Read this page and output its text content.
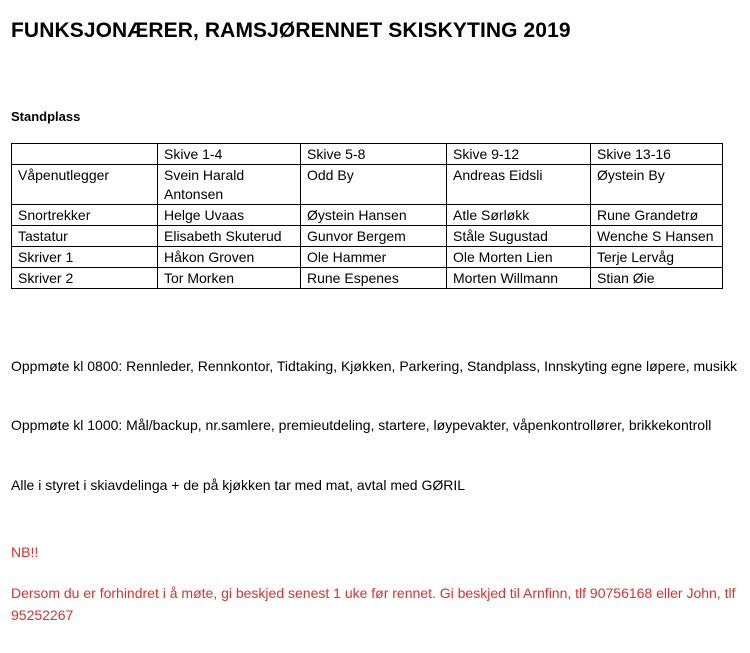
FUNKSJONÆRER, RAMSJØRENNET SKISKYTING 2019
Standplass
	Skive 1-4	Skive 5-8	Skive 9-12	Skive 13-16
Våpenutlegger	Svein Harald Antonsen	Odd By	Andreas Eidsli	Øystein By
Snortrekker	Helge Uvaas	Øystein Hansen	Atle Sørløkk	Rune Grandetrø
Tastatur	Elisabeth Skuterud	Gunvor Bergem	Ståle Sugustad	Wenche S Hansen
Skriver 1	Håkon Groven	Ole Hammer	Ole Morten Lien	Terje Lervåg
Skriver 2	Tor Morken	Rune Espenes	Morten Willmann	Stian Øie

Oppmøte kl 0800: Rennleder, Rennkontor, Tidtaking, Kjøkken, Parkering, Standplass, Innskyting egne løpere, musikk

Oppmøte kl 1000: Mål/backup, nr.samlere, premieutdeling, startere, løypevakter, våpenkontrollører, brikkekontroll

Alle i styret i skiavdelinga + de på kjøkken tar med mat, avtal med GØRIL

NB!!

Dersom du er forhindret i å møte, gi beskjed senest 1 uke før rennet. Gi beskjed til Arnfinn, tlf 90756168 eller John, tlf 95252267
